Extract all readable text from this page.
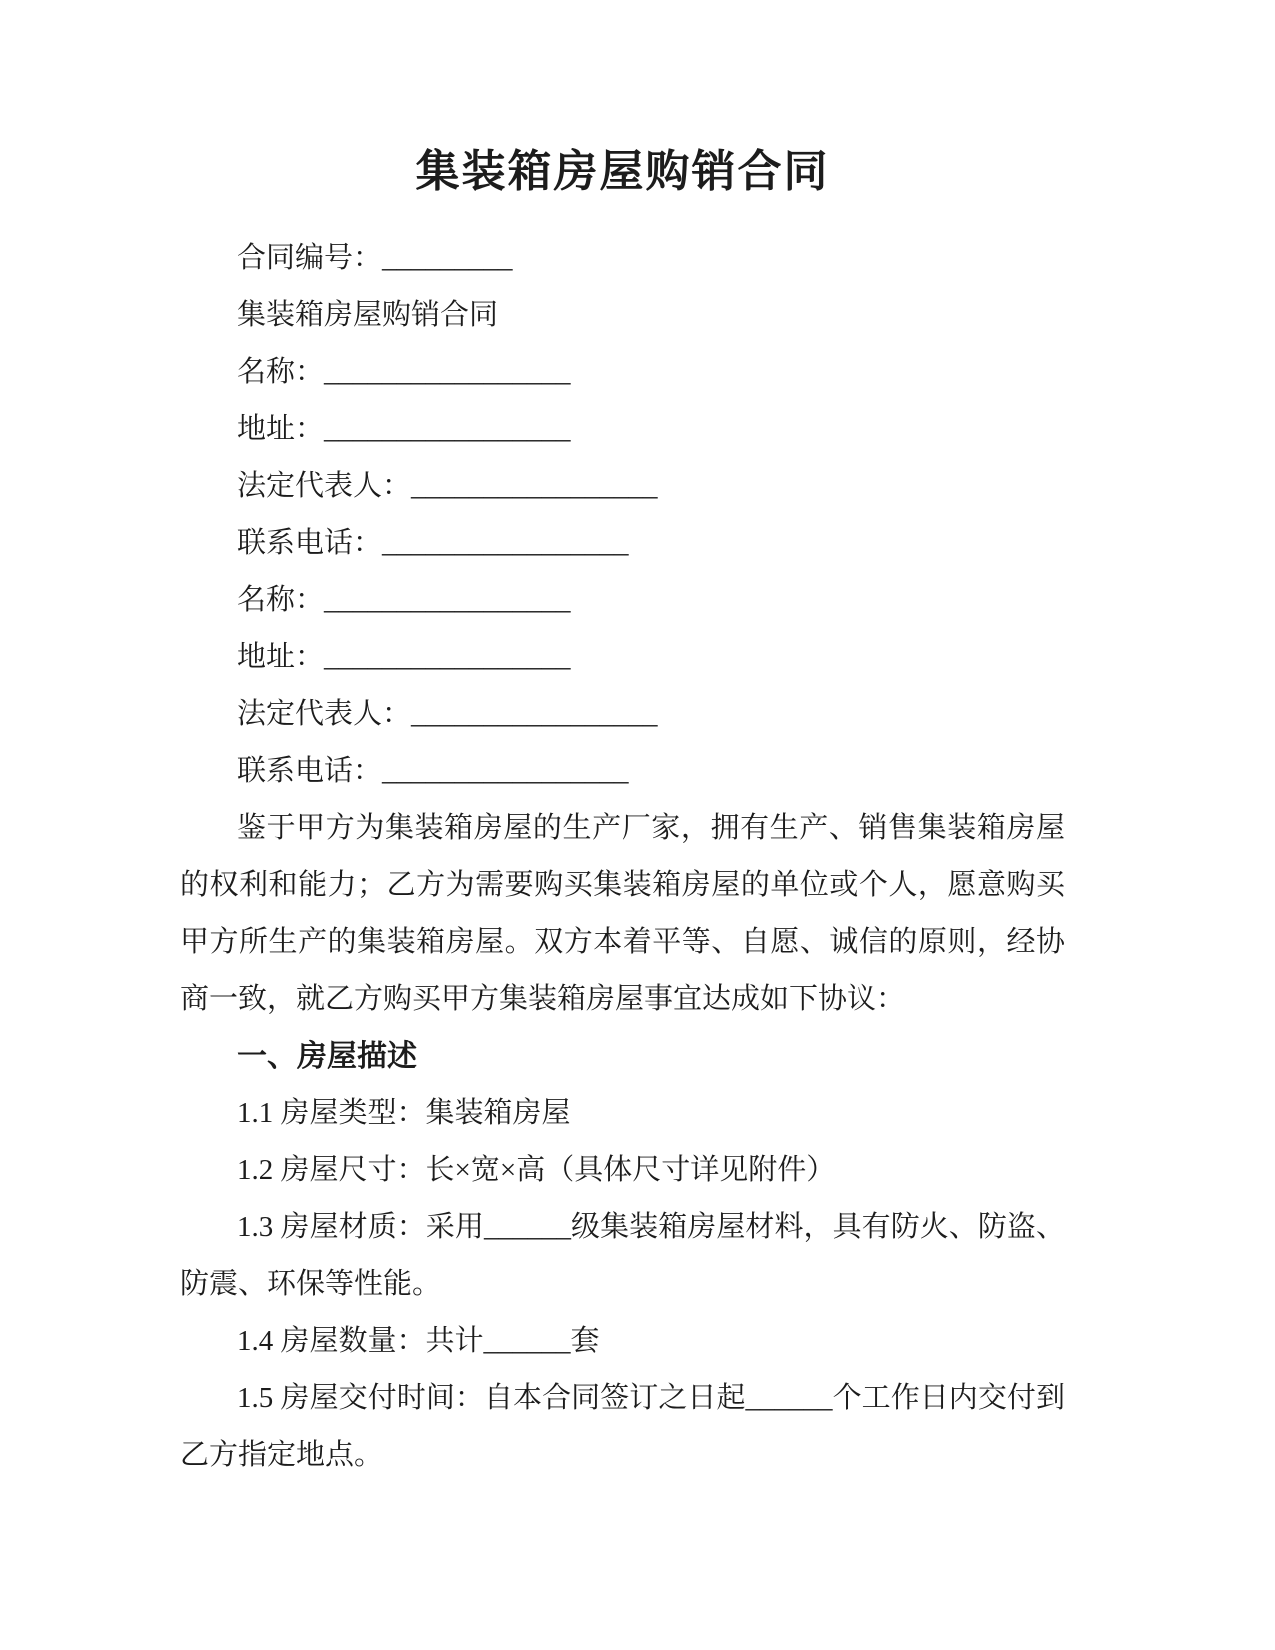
集装箱房屋购销合同

合同编号：_________

集装箱房屋购销合同

名称：_________________

地址：_________________

法定代表人：_________________

联系电话：_________________

名称：_________________

地址：_________________

法定代表人：_________________

联系电话：_________________

鉴于甲方为集装箱房屋的生产厂家，拥有生产、销售集装箱房屋的权利和能力；乙方为需要购买集装箱房屋的单位或个人，愿意购买甲方所生产的集装箱房屋。双方本着平等、自愿、诚信的原则，经协商一致，就乙方购买甲方集装箱房屋事宜达成如下协议：

一、房屋描述

1.1 房屋类型：集装箱房屋

1.2 房屋尺寸：长×宽×高（具体尺寸详见附件）

1.3 房屋材质：采用______级集装箱房屋材料，具有防火、防盗、防震、环保等性能。

1.4 房屋数量：共计______套

1.5 房屋交付时间：自本合同签订之日起______个工作日内交付到乙方指定地点。
